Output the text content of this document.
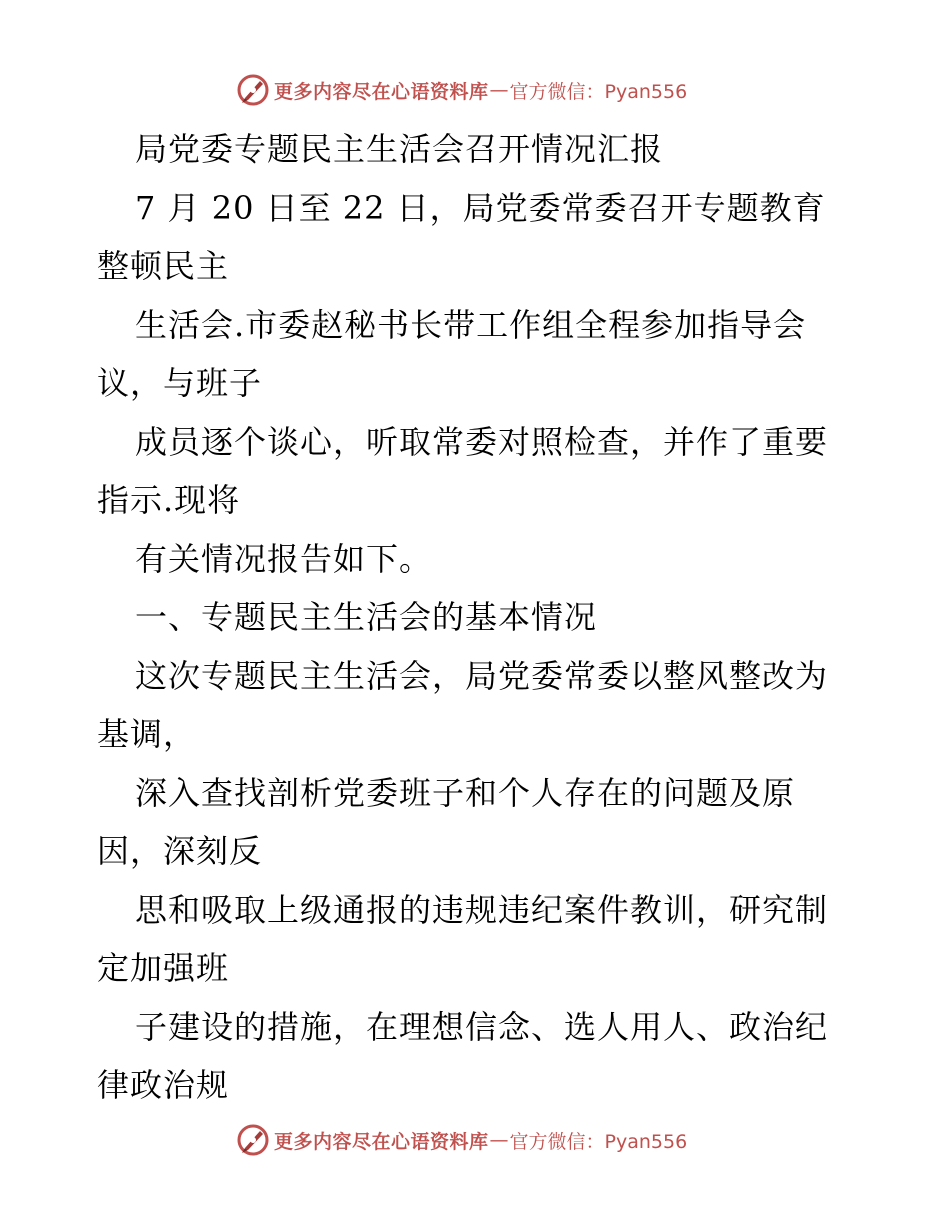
更多内容尽在心语资料库 — 官方微信：Pyan556
局党委专题民主生活会召开情况汇报
7 月 20 日至 22 日，局党委常委召开专题教育
整顿民主
生活会.市委赵秘书长带工作组全程参加指导会
议，与班子
成员逐个谈心，听取常委对照检查，并作了重要
指示.现将
有关情况报告如下。
一、专题民主生活会的基本情况
这次专题民主生活会，局党委常委以整风整改为
基调，
深入查找剖析党委班子和个人存在的问题及原
因，深刻反
思和吸取上级通报的违规违纪案件教训，研究制
定加强班
子建设的措施，在理想信念、选人用人、政治纪
律政治规
更多内容尽在心语资料库 — 官方微信：Pyan556
